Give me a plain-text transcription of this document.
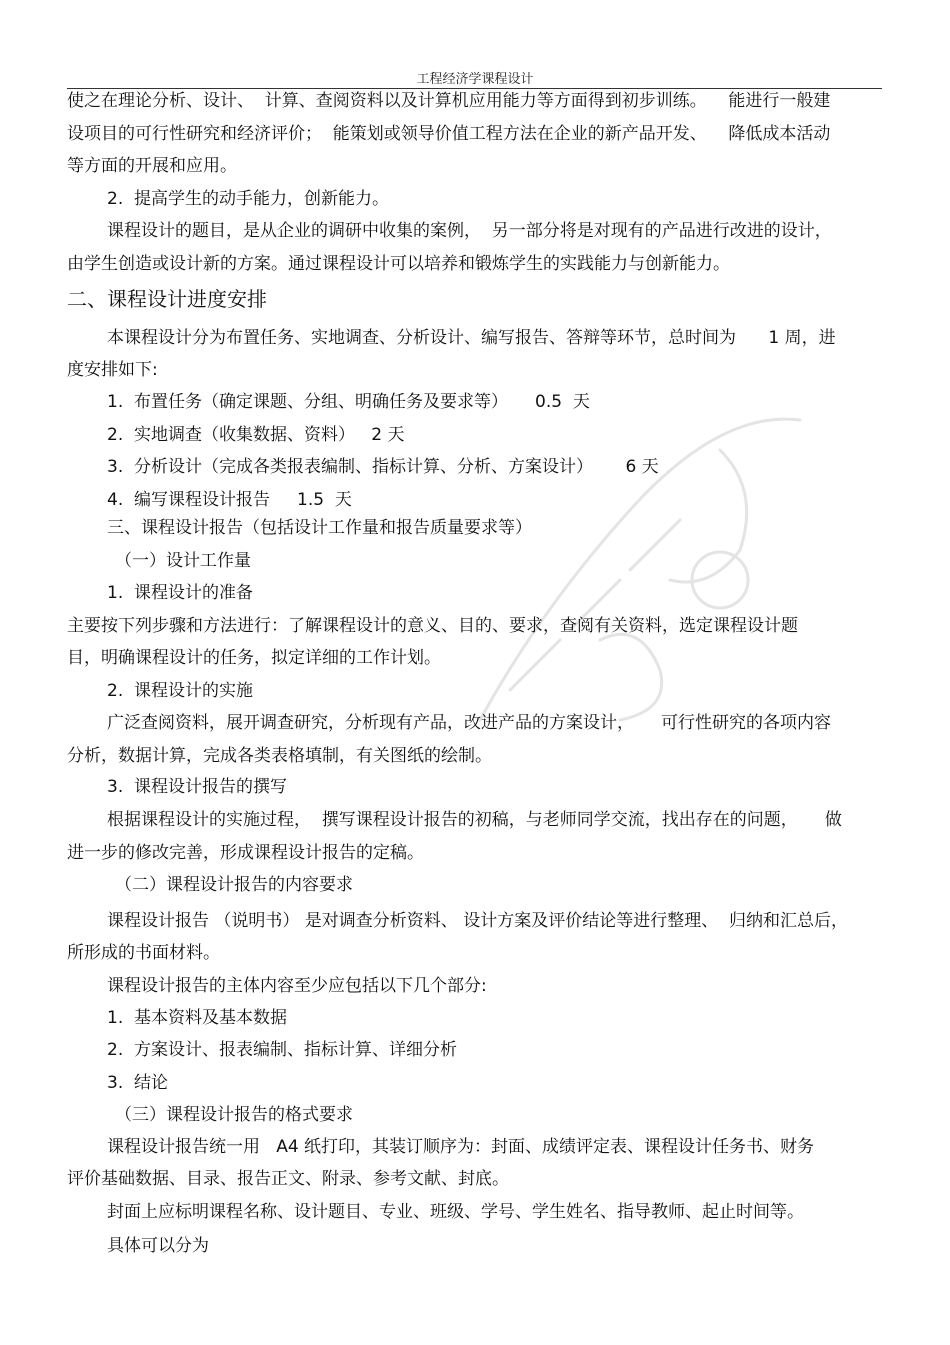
工程经济学课程设计
使之在理论分析、设计、  计算、查阅资料以及计算机应用能力等方面得到初步训练。    能进行一般建
设项目的可行性研究和经济评价；  能策划或领导价值工程方法在企业的新产品开发、    降低成本活动
等方面的开展和应用。
2.  提高学生的动手能力，创新能力。
课程设计的题目，是从企业的调研中收集的案例，  另一部分将是对现有的产品进行改进的设计，
由学生创造或设计新的方案。通过课程设计可以培养和锻炼学生的实践能力与创新能力。
二、课程设计进度安排
本课程设计分为布置任务、实地调查、分析设计、编写报告、答辩等环节，总时间为      1 周，进
度安排如下:
1.  布置任务（确定课题、分组、明确任务及要求等）     0.5  天
2.  实地调查（收集数据、资料）   2 天
3.  分析设计（完成各类报表编制、指标计算、分析、方案设计）      6 天
4.  编写课程设计报告     1.5  天
三、课程设计报告（包括设计工作量和报告质量要求等）
（一）设计工作量
1.  课程设计的准备
主要按下列步骤和方法进行：了解课程设计的意义、目的、要求，查阅有关资料，选定课程设计题
目，明确课程设计的任务，拟定详细的工作计划。
2.  课程设计的实施
广泛查阅资料，展开调查研究，分析现有产品，改进产品的方案设计，     可行性研究的各项内容
分析，数据计算，完成各类表格填制，有关图纸的绘制。
3.  课程设计报告的撰写
根据课程设计的实施过程，  撰写课程设计报告的初稿，与老师同学交流，找出存在的问题，     做
进一步的修改完善，形成课程设计报告的定稿。
（二）课程设计报告的内容要求
课程设计报告 （说明书） 是对调查分析资料、 设计方案及评价结论等进行整理、  归纳和汇总后，
所形成的书面材料。
课程设计报告的主体内容至少应包括以下几个部分:
1.  基本资料及基本数据
2.  方案设计、报表编制、指标计算、详细分析
3.  结论
（三）课程设计报告的格式要求
课程设计报告统一用   A4 纸打印，其装订顺序为：封面、成绩评定表、课程设计任务书、财务
评价基础数据、目录、报告正文、附录、参考文献、封底。
封面上应标明课程名称、设计题目、专业、班级、学号、学生姓名、指导教师、起止时间等。
具体可以分为
